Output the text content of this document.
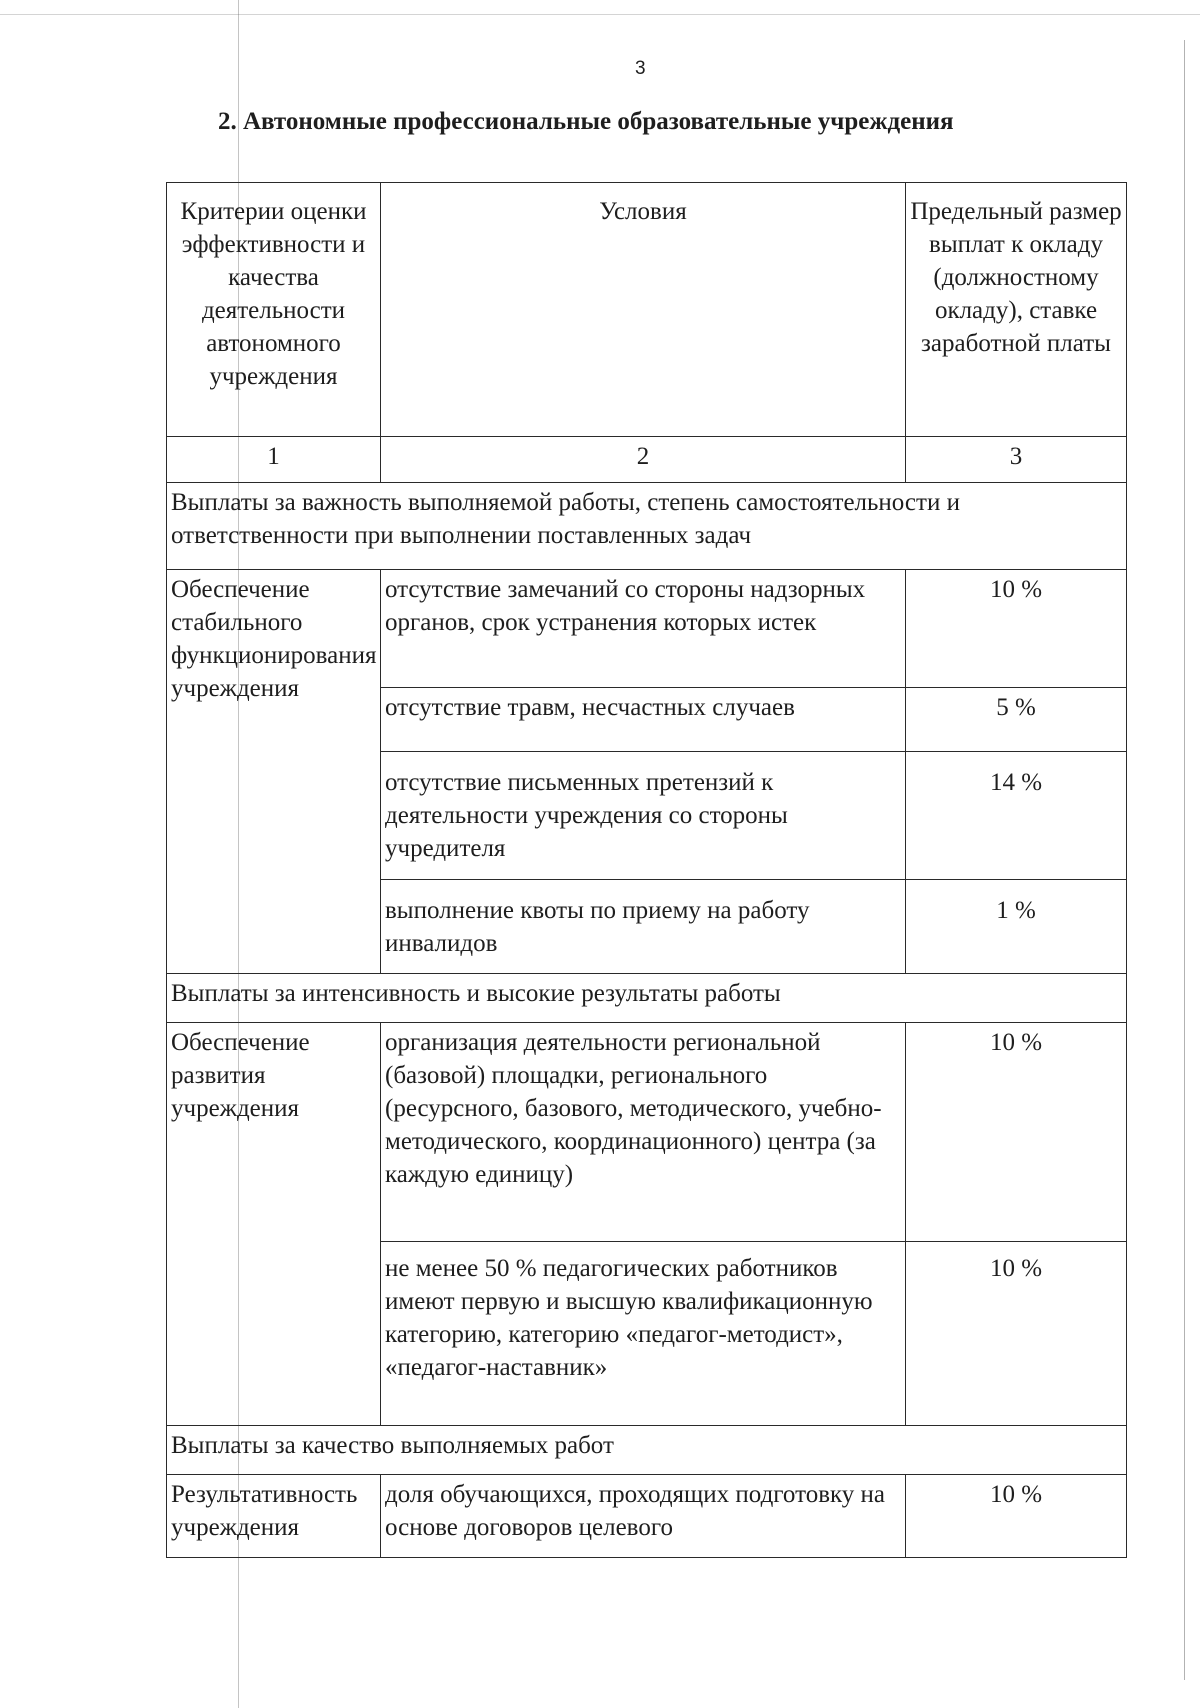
3
2. Автономные профессиональные образовательные учреждения
Критерии оценки эффективности и качества деятельности автономного учреждения	Условия	Предельный размер выплат к окладу (должностному окладу), ставке заработной платы
1	2	3
Выплаты за важность выполняемой работы, степень самостоятельности и ответственности при выполнении поставленных задач		
Обеспечение стабильного функционирования учреждения	отсутствие замечаний со стороны надзорных органов, срок устранения которых истек	10 %
	отсутствие травм, несчастных случаев	5 %
	отсутствие письменных претензий к деятельности учреждения со стороны учредителя	14 %
	выполнение квоты по приему на работу инвалидов	1 %
Выплаты за интенсивность и высокие результаты работы		
Обеспечение развития учреждения	организация деятельности региональной (базовой) площадки, регионального (ресурсного, базового, методического, учебно-методического, координационного) центра (за каждую единицу)	10 %
	не менее 50 % педагогических работников имеют первую и высшую квалификационную категорию, категорию «педагог-методист», «педагог-наставник»	10 %
Выплаты за качество выполняемых работ		
Результативность учреждения	доля обучающихся, проходящих подготовку на основе договоров целевого	10 %
